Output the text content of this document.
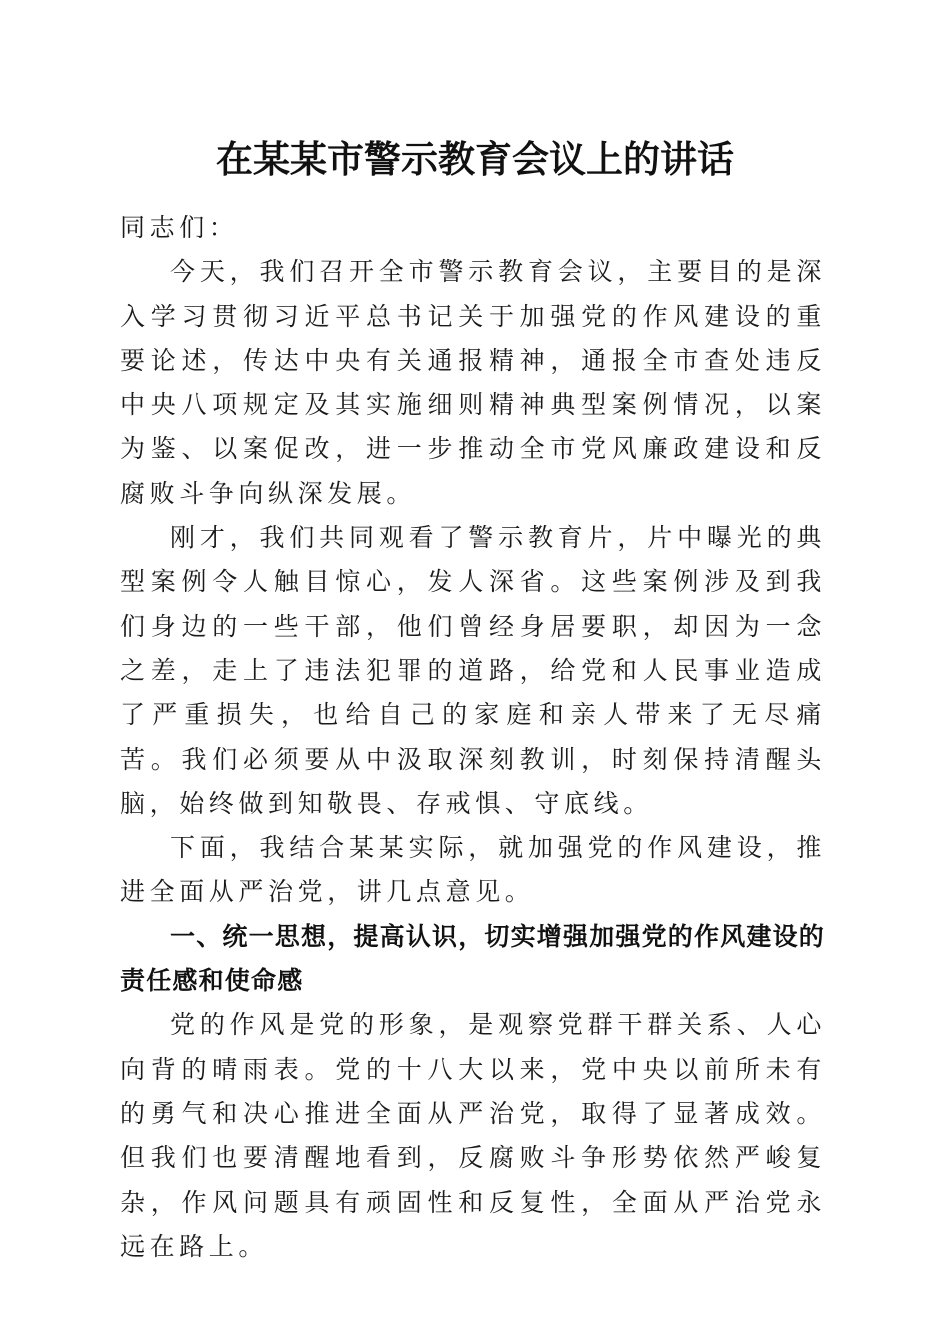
在某某市警示教育会议上的讲话

同志们：

今天，我们召开全市警示教育会议，主要目的是深入学习贯彻习近平总书记关于加强党的作风建设的重要论述，传达中央有关通报精神，通报全市查处违反中央八项规定及其实施细则精神典型案例情况，以案为鉴、以案促改，进一步推动全市党风廉政建设和反腐败斗争向纵深发展。

刚才，我们共同观看了警示教育片，片中曝光的典型案例令人触目惊心，发人深省。这些案例涉及到我们身边的一些干部，他们曾经身居要职，却因为一念之差，走上了违法犯罪的道路，给党和人民事业造成了严重损失，也给自己的家庭和亲人带来了无尽痛苦。我们必须要从中汲取深刻教训，时刻保持清醒头脑，始终做到知敬畏、存戒惧、守底线。

下面，我结合某某实际，就加强党的作风建设，推进全面从严治党，讲几点意见。

一、统一思想，提高认识，切实增强加强党的作风建设的责任感和使命感

党的作风是党的形象，是观察党群干群关系、人心向背的晴雨表。党的十八大以来，党中央以前所未有的勇气和决心推进全面从严治党，取得了显著成效。但我们也要清醒地看到，反腐败斗争形势依然严峻复杂，作风问题具有顽固性和反复性，全面从严治党永远在路上。
